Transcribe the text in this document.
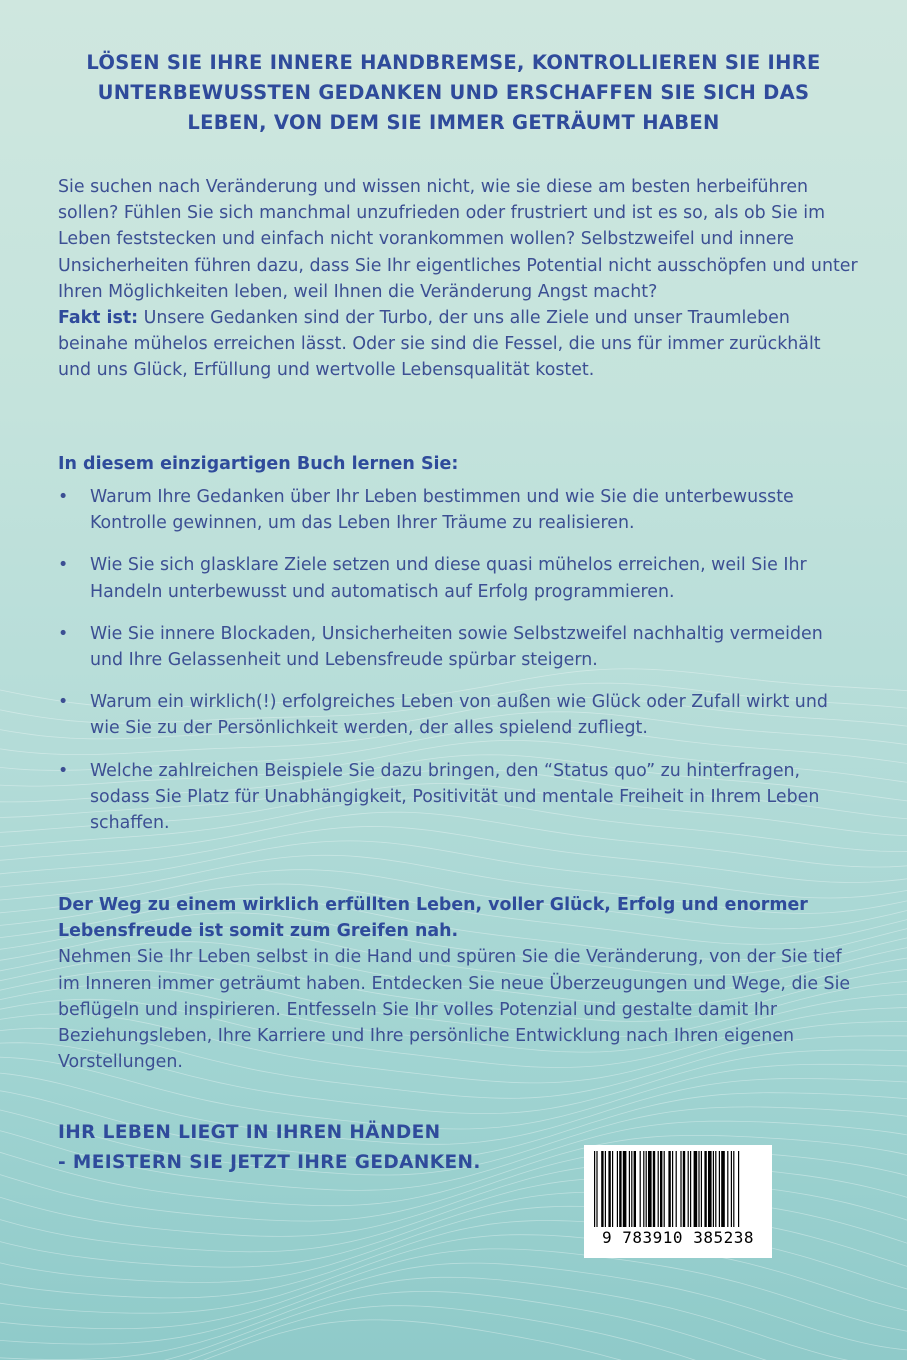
LÖSEN SIE IHRE INNERE HANDBREMSE, KONTROLLIEREN SIE IHRE
UNTERBEWUSSTEN GEDANKEN UND ERSCHAFFEN SIE SICH DAS
LEBEN, VON DEM SIE IMMER GETRÄUMT HABEN

Sie suchen nach Veränderung und wissen nicht, wie sie diese am besten herbeiführen sollen? Fühlen Sie sich manchmal unzufrieden oder frustriert und ist es so, als ob Sie im Leben feststecken und einfach nicht vorankommen wollen? Selbstzweifel und innere Unsicherheiten führen dazu, dass Sie Ihr eigentliches Potential nicht ausschöpfen und unter Ihren Möglichkeiten leben, weil Ihnen die Veränderung Angst macht?

Fakt ist: Unsere Gedanken sind der Turbo, der uns alle Ziele und unser Traumleben beinahe mühelos erreichen lässt. Oder sie sind die Fessel, die uns für immer zurückhält und uns Glück, Erfüllung und wertvolle Lebensqualität kostet.

In diesem einzigartigen Buch lernen Sie:
• Warum Ihre Gedanken über Ihr Leben bestimmen und wie Sie die unterbewusste Kontrolle gewinnen, um das Leben Ihrer Träume zu realisieren.
• Wie Sie sich glasklare Ziele setzen und diese quasi mühelos erreichen, weil Sie Ihr Handeln unterbewusst und automatisch auf Erfolg programmieren.
• Wie Sie innere Blockaden, Unsicherheiten sowie Selbstzweifel nachhaltig vermeiden und Ihre Gelassenheit und Lebensfreude spürbar steigern.
• Warum ein wirklich(!) erfolgreiches Leben von außen wie Glück oder Zufall wirkt und wie Sie zu der Persönlichkeit werden, der alles spielend zufliegt.
• Welche zahlreichen Beispiele Sie dazu bringen, den “Status quo” zu hinterfragen, sodass Sie Platz für Unabhängigkeit, Positivität und mentale Freiheit in Ihrem Leben schaffen.

Der Weg zu einem wirklich erfüllten Leben, voller Glück, Erfolg und enormer Lebensfreude ist somit zum Greifen nah.

Nehmen Sie Ihr Leben selbst in die Hand und spüren Sie die Veränderung, von der Sie tief im Inneren immer geträumt haben. Entdecken Sie neue Überzeugungen und Wege, die Sie beflügeln und inspirieren. Entfesseln Sie Ihr volles Potenzial und gestalte damit Ihr Beziehungsleben, Ihre Karriere und Ihre persönliche Entwicklung nach Ihren eigenen Vorstellungen.

IHR LEBEN LIEGT IN IHREN HÄNDEN
- MEISTERN SIE JETZT IHRE GEDANKEN.
9 783910 385238
